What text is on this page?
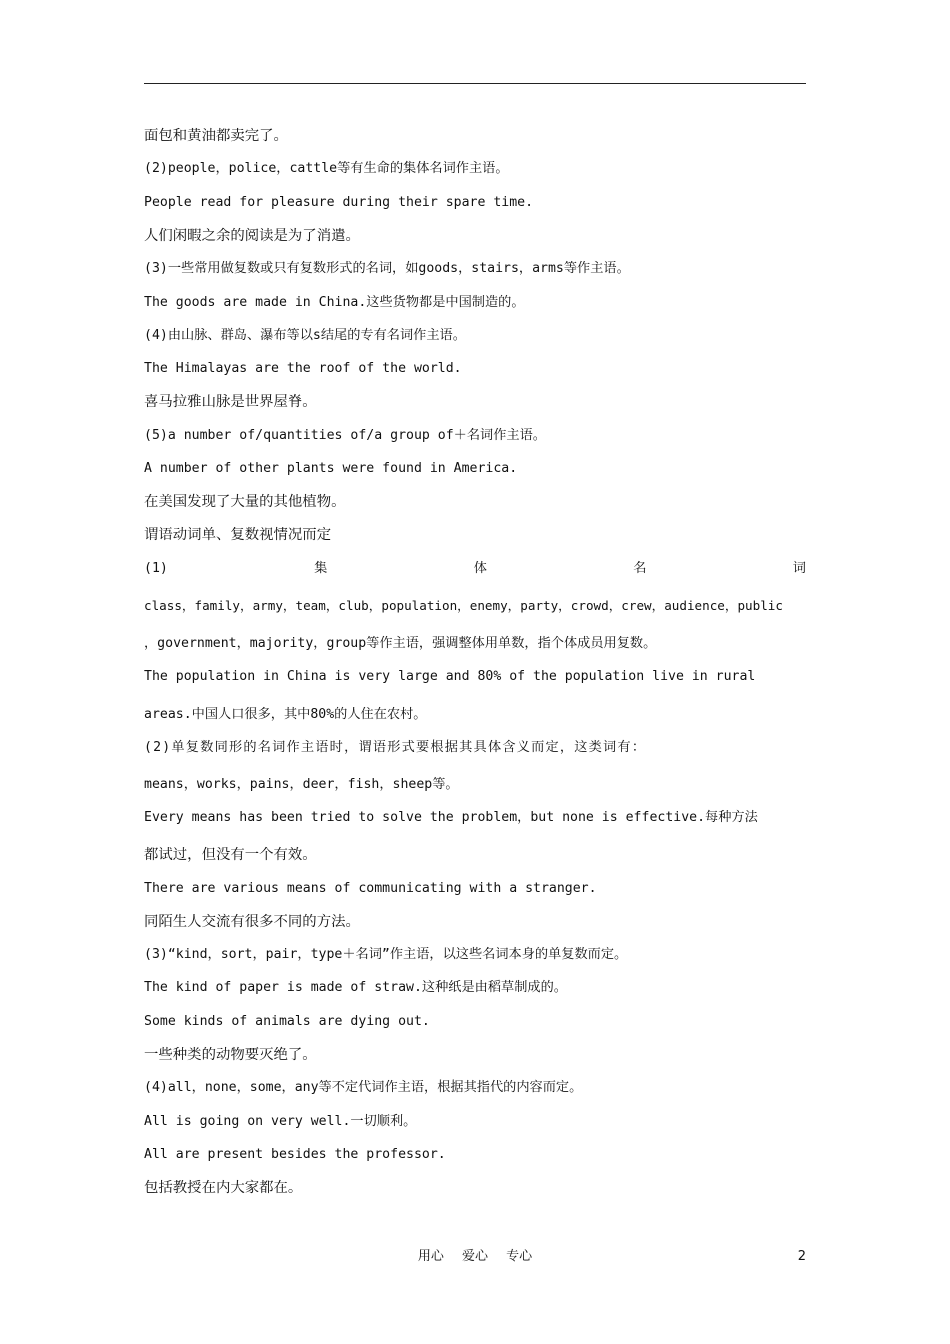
面包和黄油都卖完了。
(2)people，police，cattle等有生命的集体名词作主语。
People read for pleasure during their spare time.
人们闲暇之余的阅读是为了消遣。
(3)一些常用做复数或只有复数形式的名词，如goods，stairs，arms等作主语。
The goods are made in China.这些货物都是中国制造的。
(4)由山脉、群岛、瀑布等以s结尾的专有名词作主语。
The Himalayas are the roof of the world.
喜马拉雅山脉是世界屋脊。
(5)a number of/quantities of/a group of＋名词作主语。
A number of other plants were found in America.
在美国发现了大量的其他植物。
谓语动词单、复数视情况而定
(1)	集	体	名	词
class，family，army，team，club，population，enemy，party，crowd，crew，audience，public
，government，majority，group等作主语，强调整体用单数，指个体成员用复数。
The population in China is very large and 80% of the population live in rural
areas.中国人口很多，其中80%的人住在农村。
(2)单复数同形的名词作主语时，谓语形式要根据其具体含义而定，这类词有：
means，works，pains，deer，fish，sheep等。
Every means has been tried to solve the problem，but none is effective.每种方法
都试过，但没有一个有效。
There are various means of communicating with a stranger.
同陌生人交流有很多不同的方法。
(3)“kind，sort，pair，type＋名词”作主语，以这些名词本身的单复数而定。
The kind of paper is made of straw.这种纸是由稻草制成的。
Some kinds of animals are dying out.
一些种类的动物要灭绝了。
(4)all，none，some，any等不定代词作主语，根据其指代的内容而定。
All is going on very well.一切顺利。
All are present besides the professor.
包括教授在内大家都在。
用心 爱心 专心	2
